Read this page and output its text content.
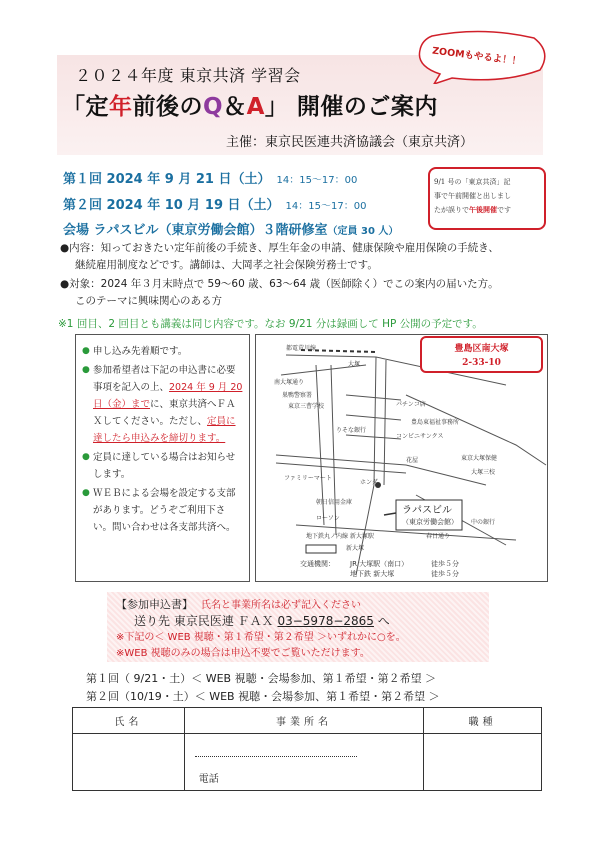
２０２４年度 東京共済 学習会
「定年前後のQ＆A」 開催のご案内
主催：東京民医連共済協議会（東京共済）
ZOOMもやるよ！！
第１回 2024 年 9 月 21 日（土） 14：15〜17：00
第２回 2024 年 10 月 19 日（土） 14：15〜17：00
会場 ラパスビル（東京労働会館）３階研修室（定員 30 人）
9/1 号の「東京共済」記
事で午前開催と出しまし
たが誤りで午後開催です
●内容：知っておきたい定年前後の手続き、厚生年金の申請、健康保険や雇用保険の手続き、
継続雇用制度などです。講師は、大岡孝之社会保険労務士です。
●対象：2024 年３月末時点で 59〜60 歳、63〜64 歳（医師除く）でこの案内の届いた方。
このテーマに興味関心のある方
※1 回目、2 回目とも講義は同じ内容です。なお 9/21 分は録画して HP 公開の予定です。
● 申し込み先着順です。
● 参加希望者は下記の申込書に必要事項を記入の上、2024 年 9 月 20 日（金）までに、東京共済へＦＡＸしてください。ただし、定員に達したら申込みを締切ります。
● 定員に達している場合はお知らせします。
● ＷＥＢによる会場を設定する支部があります。どうぞご利用下さい。問い合わせは各支部共済へ。
都電荒川線
大塚
南大塚通り
巣鴨警察署
東京三曹学校
りそな銀行
ファミリーマート
パチンコ店
豊島東福祉事務所
コンビニサンクス
ホンダ
花屋
朝日信用金庫
ローソン
地下鉄丸ノ内線 新大塚駅	春日通り
東京大塚保健
大塚三校
中の銀行
新大塚
ラパスビル
（東京労働会館）
交通機関： JR 大塚駅（南口）	徒歩５分
地下鉄 新大塚	徒歩５分
豊島区南大塚
2-33-10
【参加申込書】 氏名と事業所名は必ず記入ください
送り先 東京民医連 ＦＡＸ 03−5978−2865 へ
※下記の＜ WEB 視聴・第１希望・第２希望 ＞いずれかに○を。
※WEB 視聴のみの場合は申込不要でご覧いただけます。
第１回（ 9/21・土）＜ WEB 視聴・会場参加、第１希望・第２希望 ＞
第２回（10/19・土）＜ WEB 視聴・会場参加、第１希望・第２希望 ＞
氏名	事業所名	職種

	電話	
